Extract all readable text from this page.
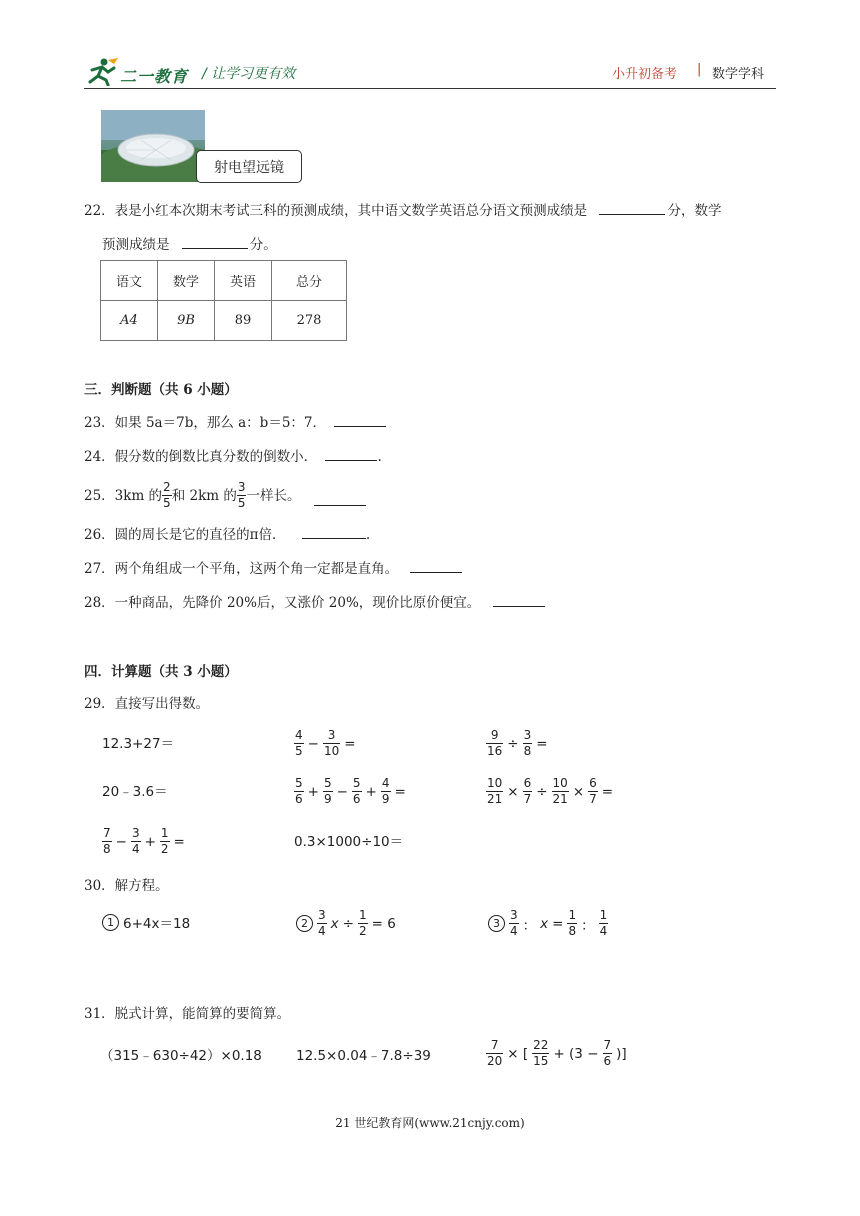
二一教育 / 让学习更有效	小升初备考 | 数学学科
射电望远镜
22．表是小红本次期末考试三科的预测成绩，其中语文数学英语总分语文预测成绩是	分，数学
预测成绩是	分。
语文	数学	英语	总分
A4	9B	89	278
三．判断题（共 6 小题）
23．如果 5a＝7b，那么 a：b＝5：7．
24．假分数的倒数比真分数的倒数小．	.
25．3km 的 $\frac{2}{5}$ 和 2km 的 $\frac{3}{5}$ 一样长。
26．圆的周长是它的直径的π倍．	.
27．两个角组成一个平角，这两个角一定都是直角。
28．一种商品，先降价 20%后，又涨价 20%，现价比原价便宜。
四．计算题（共 3 小题）
29．直接写出得数。
12.3+27＝	$\frac{4}{5} - \frac{3}{10}$ =	$\frac{9}{16} \div \frac{3}{8}$ =
20﹣3.6＝	$\frac{5}{6} + \frac{5}{9} - \frac{5}{6} + \frac{4}{9}$ =	$\frac{10}{21} \times \frac{6}{7} \div \frac{10}{21} \times \frac{6}{7}$ =
$\frac{7}{8} - \frac{3}{4} + \frac{1}{2}$ =	0.3×1000÷10＝
30．解方程。
1 6+4x＝18	$2 \frac{3}{4}$ $x \div \frac{1}{2} = 6$	$3 \frac{3}{4}$ ： $x = \frac{1}{8}$ ： $\frac{1}{4}$
31．脱式计算，能简算的要简算。
（315﹣630÷42）×0.18	12.5×0.04﹣7.8÷39	$\frac{7}{20}$ × [ $\frac{22}{15} + (3 - \frac{7}{6}$ )]
21 世纪教育网(www.21cnjy.com)
